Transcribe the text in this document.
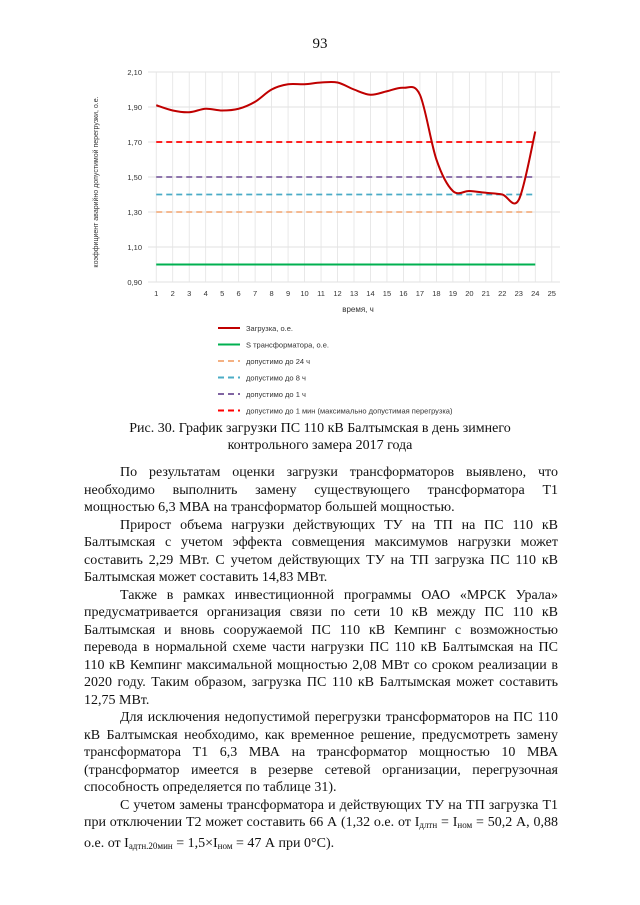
93
0,90
1,10
1,30
1,50
1,70
1,90
2,10
1 2 3 4 5 6 7 8 9 10 11 12 13 14 15 16 17 18 19 20 21 22 23 24 25
коэффициент аварийно допустимой перегрузки, о.е.
время, ч
Загрузка, о.е.
S трансформатора, о.е.
допустимо до 24 ч
допустимо до 8 ч
допустимо до 1 ч
допустимо до 1 мин (максимально допустимая перегрузка)
Рис. 30. График загрузки ПС 110 кВ Балтымская в день зимнего контрольного замера 2017 года

По результатам оценки загрузки трансформаторов выявлено, что необходимо выполнить замену существующего трансформатора Т1 мощностью 6,3 МВА на трансформатор большей мощностью.

Прирост объема нагрузки действующих ТУ на ТП на ПС 110 кВ Балтымская с учетом эффекта совмещения максимумов нагрузки может составить 2,29 МВт. С учетом действующих ТУ на ТП загрузка ПС 110 кВ Балтымская может составить 14,83 МВт.

Также в рамках инвестиционной программы ОАО «МРСК Урала» предусматривается организация связи по сети 10 кВ между ПС 110 кВ Балтымская и вновь сооружаемой ПС 110 кВ Кемпинг с возможностью перевода в нормальной схеме части нагрузки ПС 110 кВ Балтымская на ПС 110 кВ Кемпинг максимальной мощностью 2,08 МВт со сроком реализации в 2020 году. Таким образом, загрузка ПС 110 кВ Балтымская может составить 12,75 МВт.

Для исключения недопустимой перегрузки трансформаторов на ПС 110 кВ Балтымская необходимо, как временное решение, предусмотреть замену трансформатора Т1 6,3 МВА на трансформатор мощностью 10 МВА (трансформатор имеется в резерве сетевой организации, перегрузочная способность определяется по таблице 31).

С учетом замены трансформатора и действующих ТУ на ТП загрузка Т1 при отключении Т2 может составить 66 А (1,32 о.е. от $I_{длтн} = I_{ном} = 50,2$ А, 0,88 о.е. от $I_{адтн.20мин} = 1,5\times I_{ном} = 47$ А при 0°С).
